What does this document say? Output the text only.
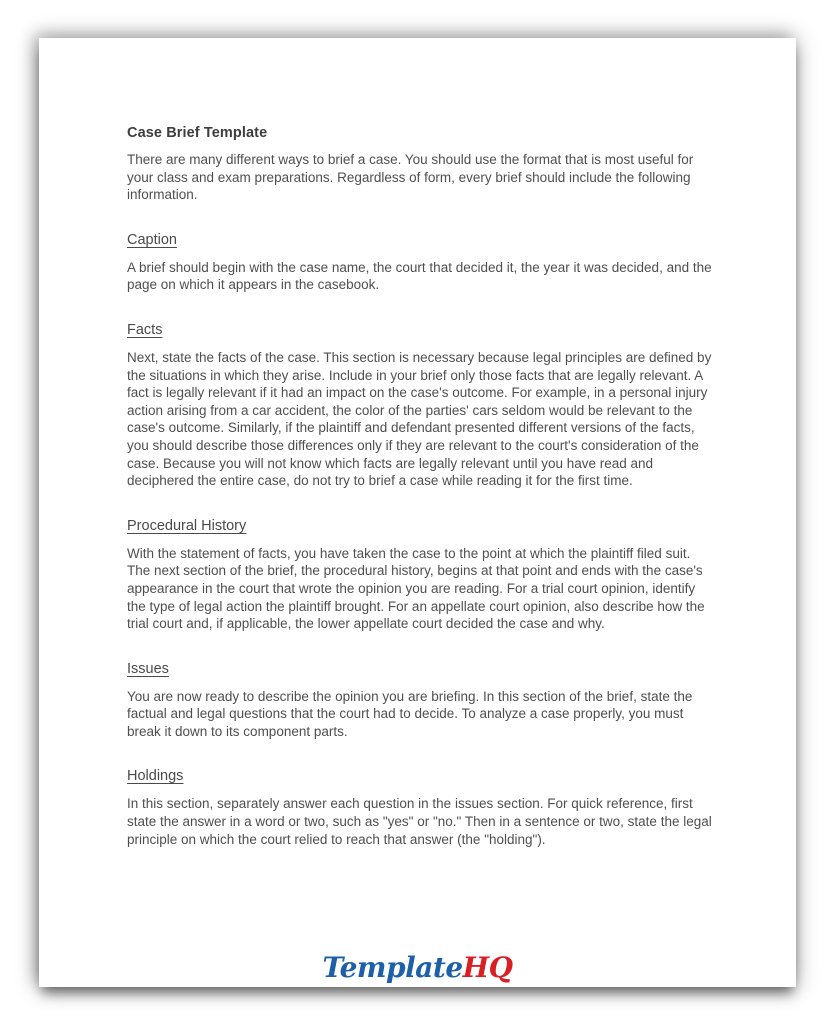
Case Brief Template

There are many different ways to brief a case. You should use the format that is most useful for your class and exam preparations. Regardless of form, every brief should include the following information.

Caption

A brief should begin with the case name, the court that decided it, the year it was decided, and the page on which it appears in the casebook.

Facts

Next, state the facts of the case. This section is necessary because legal principles are defined by the situations in which they arise. Include in your brief only those facts that are legally relevant. A fact is legally relevant if it had an impact on the case's outcome. For example, in a personal injury action arising from a car accident, the color of the parties' cars seldom would be relevant to the case's outcome. Similarly, if the plaintiff and defendant presented different versions of the facts, you should describe those differences only if they are relevant to the court's consideration of the case. Because you will not know which facts are legally relevant until you have read and deciphered the entire case, do not try to brief a case while reading it for the first time.

Procedural History

With the statement of facts, you have taken the case to the point at which the plaintiff filed suit. The next section of the brief, the procedural history, begins at that point and ends with the case's appearance in the court that wrote the opinion you are reading. For a trial court opinion, identify the type of legal action the plaintiff brought. For an appellate court opinion, also describe how the trial court and, if applicable, the lower appellate court decided the case and why.

Issues

You are now ready to describe the opinion you are briefing. In this section of the brief, state the factual and legal questions that the court had to decide. To analyze a case properly, you must break it down to its component parts.

Holdings

In this section, separately answer each question in the issues section. For quick reference, first state the answer in a word or two, such as "yes" or "no." Then in a sentence or two, state the legal principle on which the court relied to reach that answer (the "holding").

TemplateHQ
